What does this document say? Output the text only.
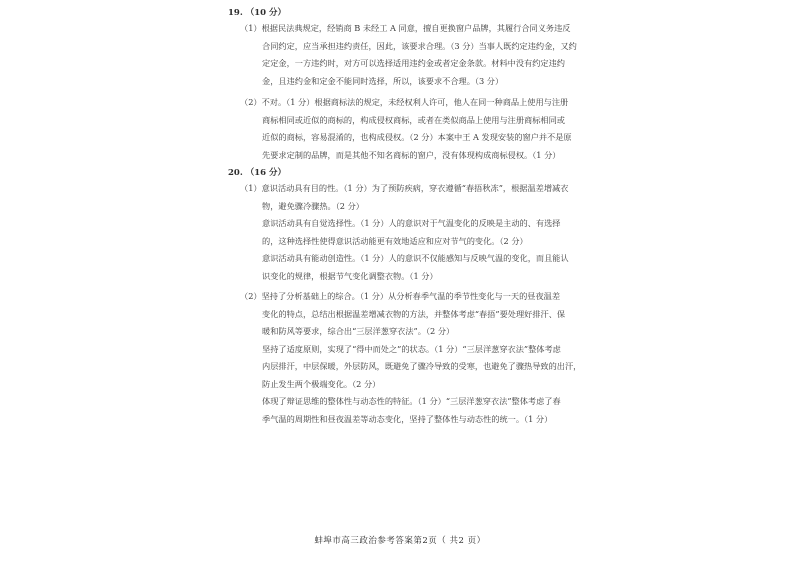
19. （10 分）
（1）根据民法典规定，经销商 B 未经工 A 同意，擅自更换窗户品牌，其履行合同义务违反
合同约定，应当承担违约责任，因此，该要求合理。（3 分）当事人既约定违约金，又约
定定金，一方违约时，对方可以选择适用违约金或者定金条款。材料中没有约定违约
金，且违约金和定金不能同时选择，所以，该要求不合理。（3 分）
（2）不对。（1 分）根据商标法的规定，未经权利人许可，他人在同一种商品上使用与注册
商标相同或近似的商标的，构成侵权商标，或者在类似商品上使用与注册商标相同或
近似的商标，容易混淆的，也构成侵权。（2 分）本案中王 A 发现安装的窗户并不是原
先要求定制的品牌，而是其他不知名商标的窗户，没有体现构成商标侵权。（1 分）
20. （16 分）
（1）意识活动具有目的性。（1 分）为了预防疾病，穿衣遵循“春捂秋冻”，根据温差增减衣
物，避免骤冷骤热。（2 分）
意识活动具有自觉选择性。（1 分）人的意识对于气温变化的反映是主动的、有选择
的，这种选择性使得意识活动能更有效地适应和应对节气的变化。（2 分）
意识活动具有能动创造性。（1 分）人的意识不仅能感知与反映气温的变化，而且能认
识变化的规律，根据节气变化调整衣物。（1 分）
（2）坚持了分析基础上的综合。（1 分）从分析春季气温的季节性变化与一天的昼夜温差
变化的特点，总结出根据温差增减衣物的方法，并整体考虑“春捂”要处理好排汗、保
暖和防风等要求，综合出“三层洋葱穿衣法”。（2 分）
坚持了适度原则，实现了“得中而处之”的状态。（1 分）“三层洋葱穿衣法”整体考虑
内层排汗，中层保暖，外层防风，既避免了骤冷导致的受寒，也避免了骤热导致的出汗，
防止发生两个极端变化。（2 分）
体现了辩证思维的整体性与动态性的特征。（1 分）“三层洋葱穿衣法”整体考虑了春
季气温的周期性和昼夜温差等动态变化，坚持了整体性与动态性的统一。（1 分）
蚌埠市高三政治参考答案第2页（ 共2 页）
